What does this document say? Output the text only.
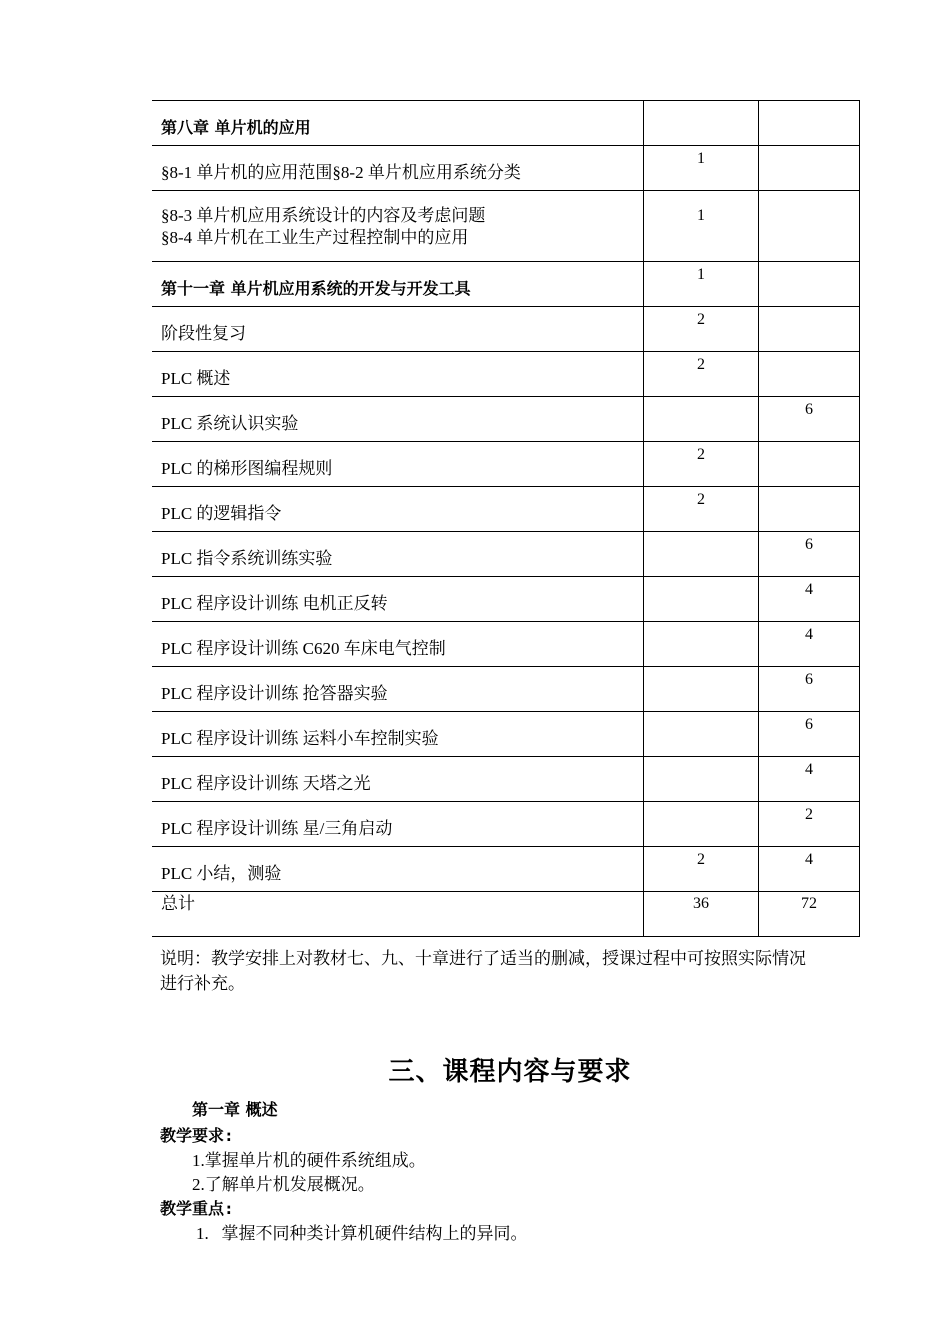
第八章 单片机的应用		

§8-1 单片机的应用范围§8-2 单片机应用系统分类	1	

§8-3 单片机应用系统设计的内容及考虑问题
§8-4 单片机在工业生产过程控制中的应用	1	

第十一章 单片机应用系统的开发与开发工具	1	

阶段性复习	2	

PLC 概述	2	

PLC 系统认识实验		6

PLC 的梯形图编程规则	2	

PLC 的逻辑指令	2	

PLC 指令系统训练实验		6

PLC 程序设计训练 电机正反转		4

PLC 程序设计训练 C620 车床电气控制		4

PLC 程序设计训练 抢答器实验		6

PLC 程序设计训练 运料小车控制实验		6

PLC 程序设计训练 天塔之光		4

PLC 程序设计训练 星/三角启动		2

PLC 小结，测验	2	4

总计	36	72
说明：教学安排上对教材七、九、十章进行了适当的删减，授课过程中可按照实际情况
进行补充。
三、课程内容与要求
第一章 概述
教学要求:
1.掌握单片机的硬件系统组成。
2.了解单片机发展概况。
教学重点:
1.   掌握不同种类计算机硬件结构上的异同。
